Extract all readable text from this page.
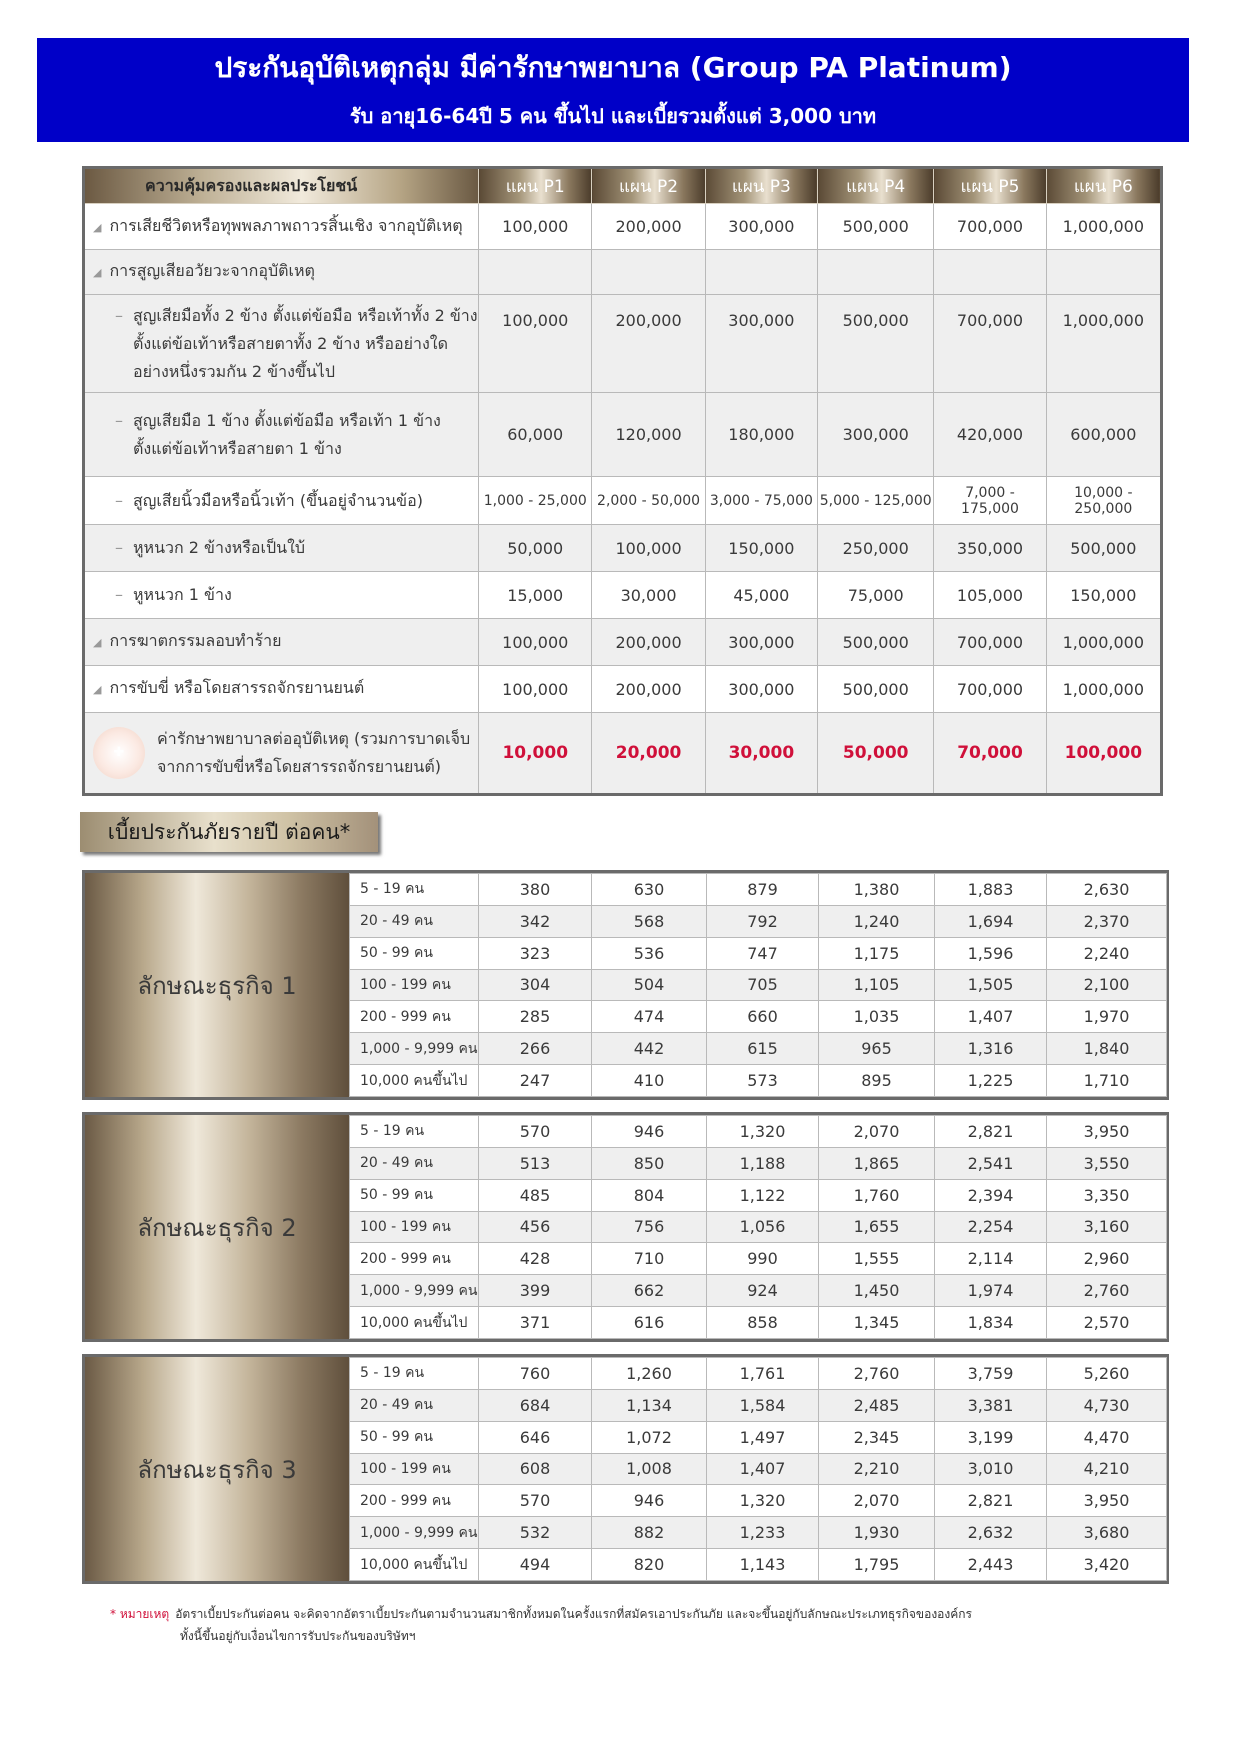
ประกันอุบัติเหตุกลุ่ม มีค่ารักษาพยาบาล (Group PA Platinum)
รับ อายุ16-64ปี 5 คน ขึ้นไป และเบี้ยรวมตั้งแต่ 3,000 บาท
ความคุ้มครองและผลประโยชน์	แผน P1	แผน P2	แผน P3	แผน P4	แผน P5	แผน P6
◢ การเสียชีวิตหรือทุพพลภาพถาวรสิ้นเชิง จากอุบัติเหตุ	100,000	200,000	300,000	500,000	700,000	1,000,000
◢ การสูญเสียอวัยวะจากอุบัติเหตุ						

– สูญเสียมือทั้ง 2 ข้าง ตั้งแต่ข้อมือ หรือเท้าทั้ง 2 ข้าง ตั้งแต่ข้อเท้าหรือสายตาทั้ง 2 ข้าง หรืออย่างใด อย่างหนึ่งรวมกัน 2 ข้างขึ้นไป	100,000	200,000	300,000	500,000	700,000	1,000,000

– สูญเสียมือ 1 ข้าง ตั้งแต่ข้อมือ หรือเท้า 1 ข้าง ตั้งแต่ข้อเท้าหรือสายตา 1 ข้าง	60,000	120,000	180,000	300,000	420,000	600,000

– สูญเสียนิ้วมือหรือนิ้วเท้า (ขึ้นอยู่จำนวนข้อ)	1,000 - 25,000	2,000 - 50,000	3,000 - 75,000	5,000 - 125,000	7,000 - 175,000	10,000 - 250,000

– หูหนวก 2 ข้างหรือเป็นใบ้	50,000	100,000	150,000	250,000	350,000	500,000

– หูหนวก 1 ข้าง	15,000	30,000	45,000	75,000	105,000	150,000
◢ การฆาตกรรมลอบทำร้าย	100,000	200,000	300,000	500,000	700,000	1,000,000
◢ การขับขี่ หรือโดยสารรถจักรยานยนต์	100,000	200,000	300,000	500,000	700,000	1,000,000

✚
ค่ารักษาพยาบาลต่ออุบัติเหตุ (รวมการบาดเจ็บ จากการขับขี่หรือโดยสารรถจักรยานยนต์)	10,000	20,000	30,000	50,000	70,000	100,000
เบี้ยประกันภัยรายปี ต่อคน*
ลักษณะธุรกิจ 1
5 - 19 คน	380	630	879	1,380	1,883	2,630
20 - 49 คน	342	568	792	1,240	1,694	2,370
50 - 99 คน	323	536	747	1,175	1,596	2,240
100 - 199 คน	304	504	705	1,105	1,505	2,100
200 - 999 คน	285	474	660	1,035	1,407	1,970
1,000 - 9,999 คน	266	442	615	965	1,316	1,840
10,000 คนขึ้นไป	247	410	573	895	1,225	1,710
ลักษณะธุรกิจ 2
5 - 19 คน	570	946	1,320	2,070	2,821	3,950
20 - 49 คน	513	850	1,188	1,865	2,541	3,550
50 - 99 คน	485	804	1,122	1,760	2,394	3,350
100 - 199 คน	456	756	1,056	1,655	2,254	3,160
200 - 999 คน	428	710	990	1,555	2,114	2,960
1,000 - 9,999 คน	399	662	924	1,450	1,974	2,760
10,000 คนขึ้นไป	371	616	858	1,345	1,834	2,570
ลักษณะธุรกิจ 3
5 - 19 คน	760	1,260	1,761	2,760	3,759	5,260
20 - 49 คน	684	1,134	1,584	2,485	3,381	4,730
50 - 99 คน	646	1,072	1,497	2,345	3,199	4,470
100 - 199 คน	608	1,008	1,407	2,210	3,010	4,210
200 - 999 คน	570	946	1,320	2,070	2,821	3,950
1,000 - 9,999 คน	532	882	1,233	1,930	2,632	3,680
10,000 คนขึ้นไป	494	820	1,143	1,795	2,443	3,420
* หมายเหตุ อัตราเบี้ยประกันต่อคน จะคิดจากอัตราเบี้ยประกันตามจำนวนสมาชิกทั้งหมดในครั้งแรกที่สมัครเอาประกันภัย และจะขึ้นอยู่กับลักษณะประเภทธุรกิจขององค์กร
ทั้งนี้ขึ้นอยู่กับเงื่อนไขการรับประกันของบริษัทฯ
